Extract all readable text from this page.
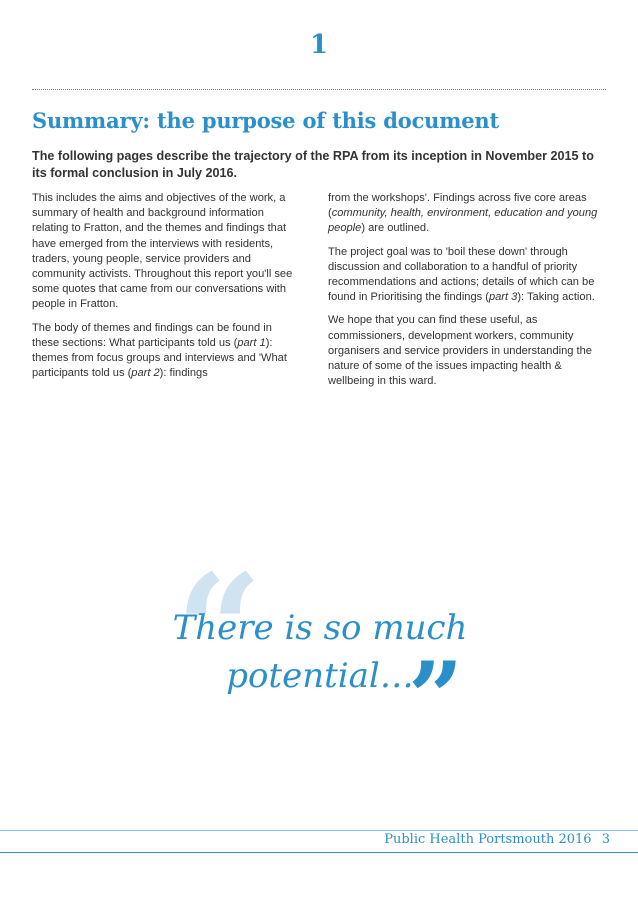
1
Summary: the purpose of this document

The following pages describe the trajectory of the RPA from its inception in November 2015 to its formal conclusion in July 2016.

This includes the aims and objectives of the work, a summary of health and background information relating to Fratton, and the themes and findings that have emerged from the interviews with residents, traders, young people, service providers and community activists. Throughout this report you'll see some quotes that came from our conversations with people in Fratton.

The body of themes and findings can be found in these sections: What participants told us (part 1): themes from focus groups and interviews and 'What participants told us (part 2): findings

from the workshops'. Findings across five core areas (community, health, environment, education and young people) are outlined.

The project goal was to 'boil these down' through discussion and collaboration to a handful of priority recommendations and actions; details of which can be found in Prioritising the findings (part 3): Taking action.

We hope that you can find these useful, as commissioners, development workers, community organisers and service providers in understanding the nature of some of the issues impacting health & wellbeing in this ward.

“
There is so much
potential…
”
Public Health Portsmouth 2016 3
